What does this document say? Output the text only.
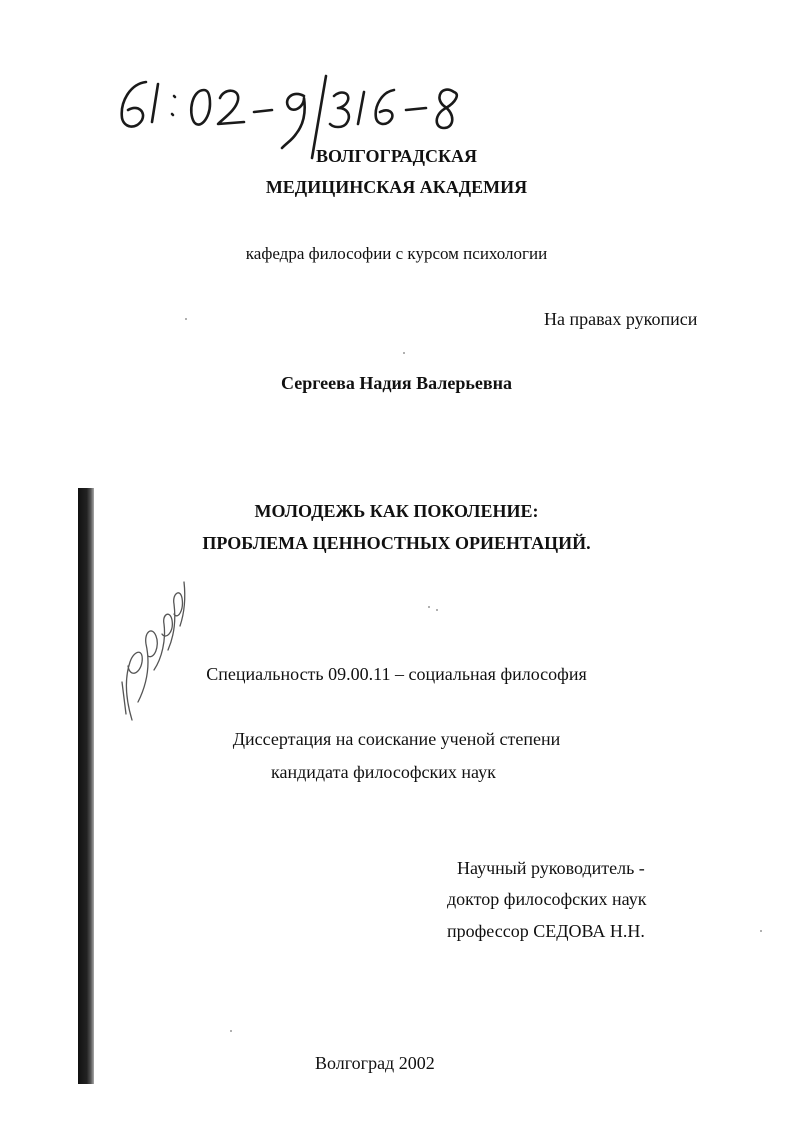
ВОЛГОГРАДСКАЯ
МЕДИЦИНСКАЯ АКАДЕМИЯ
кафедра философии с курсом психологии
На правах рукописи
Сергеева Надия Валерьевна
МОЛОДЕЖЬ КАК ПОКОЛЕНИЕ:
ПРОБЛЕМА ЦЕННОСТНЫХ ОРИЕНТАЦИЙ.
Специальность 09.00.11 – социальная философия
Диссертация на соискание ученой степени
кандидата философских наук
Научный руководитель -
доктор философских наук
профессор СЕДОВА Н.Н.
Волгоград 2002
